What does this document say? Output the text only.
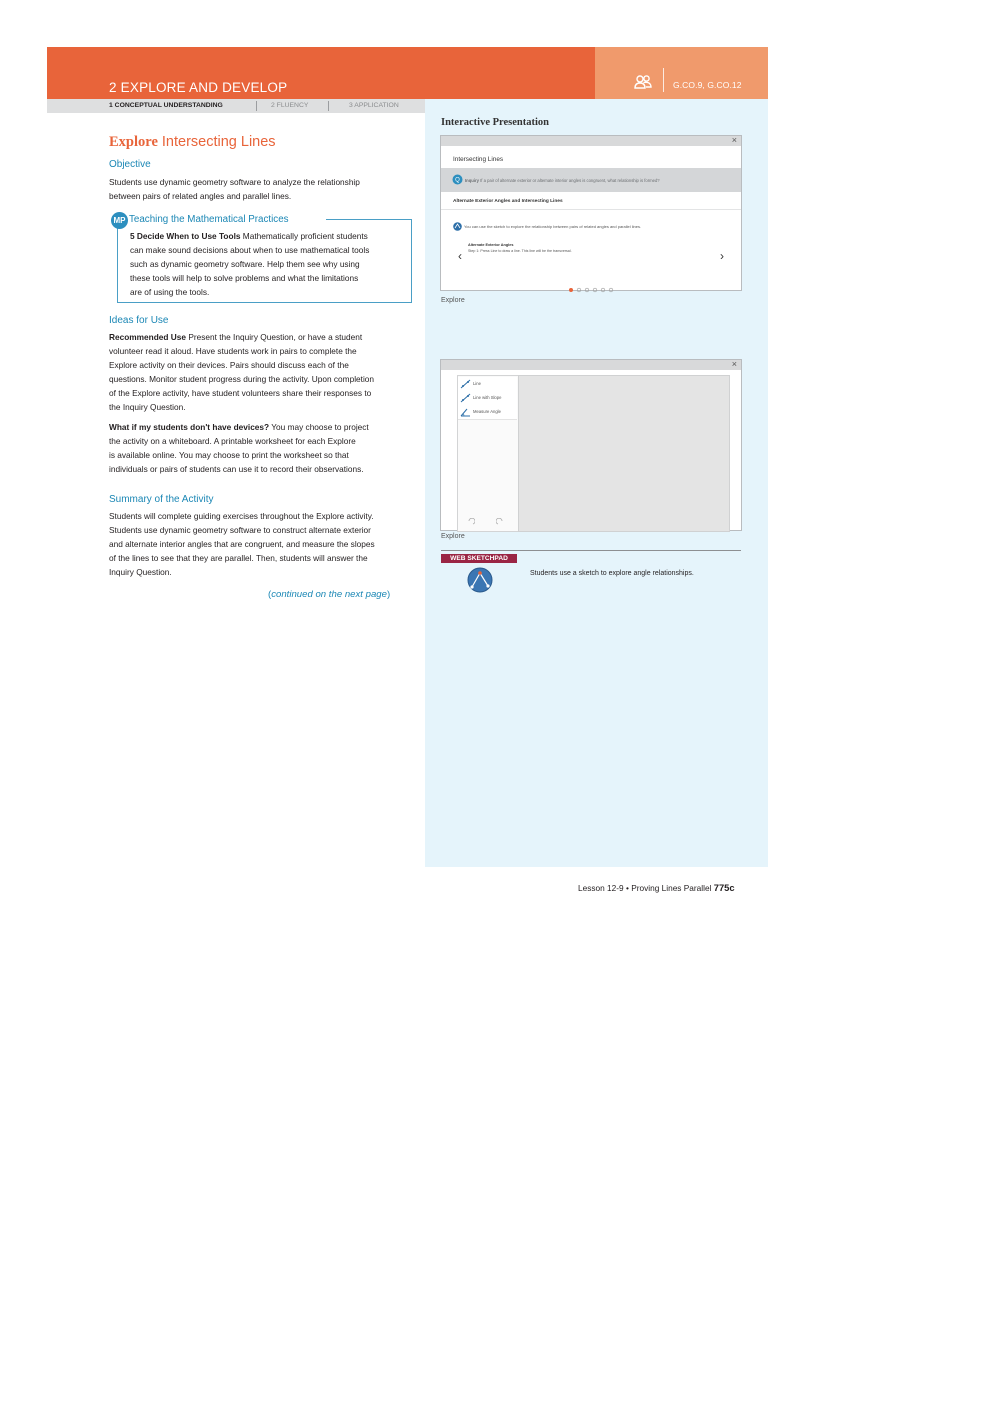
2 EXPLORE AND DEVELOP	G.CO.9, G.CO.12
1 CONCEPTUAL UNDERSTANDING	2 FLUENCY	3 APPLICATION
Explore Intersecting Lines
Objective
Students use dynamic geometry software to analyze the relationship
between pairs of related angles and parallel lines.
MP Teaching the Mathematical Practices
5 Decide When to Use Tools Mathematically proficient students
can make sound decisions about when to use mathematical tools
such as dynamic geometry software. Help them see why using
these tools will help to solve problems and what the limitations
are of using the tools.
Ideas for Use
Recommended Use Present the Inquiry Question, or have a student
volunteer read it aloud. Have students work in pairs to complete the
Explore activity on their devices. Pairs should discuss each of the
questions. Monitor student progress during the activity. Upon completion
of the Explore activity, have student volunteers share their responses to
the Inquiry Question.
What if my students don't have devices? You may choose to project
the activity on a whiteboard. A printable worksheet for each Explore
is available online. You may choose to print the worksheet so that
individuals or pairs of students can use it to record their observations.
Summary of the Activity
Students will complete guiding exercises throughout the Explore activity.
Students use dynamic geometry software to construct alternate exterior
and alternate interior angles that are congruent, and measure the slopes
of the lines to see that they are parallel. Then, students will answer the
Inquiry Question.
(continued on the next page)
Interactive Presentation
×
Intersecting Lines
Q Inquiry If a pair of alternate exterior or alternate interior angles is congruent, what relationship is formed?
Alternate Exterior Angles and Intersecting Lines
You can use the sketch to explore the relationship between pairs of related angles and parallel lines.
Alternate Exterior Angles
Step 1: Press Line to draw a line. This line will be the transversal.
‹	›
Explore
×
Line
Line with Slope
Measure Angle
Explore
WEB SKETCHPAD
Students use a sketch to explore angle relationships.
Lesson 12-9 • Proving Lines Parallel 775c
